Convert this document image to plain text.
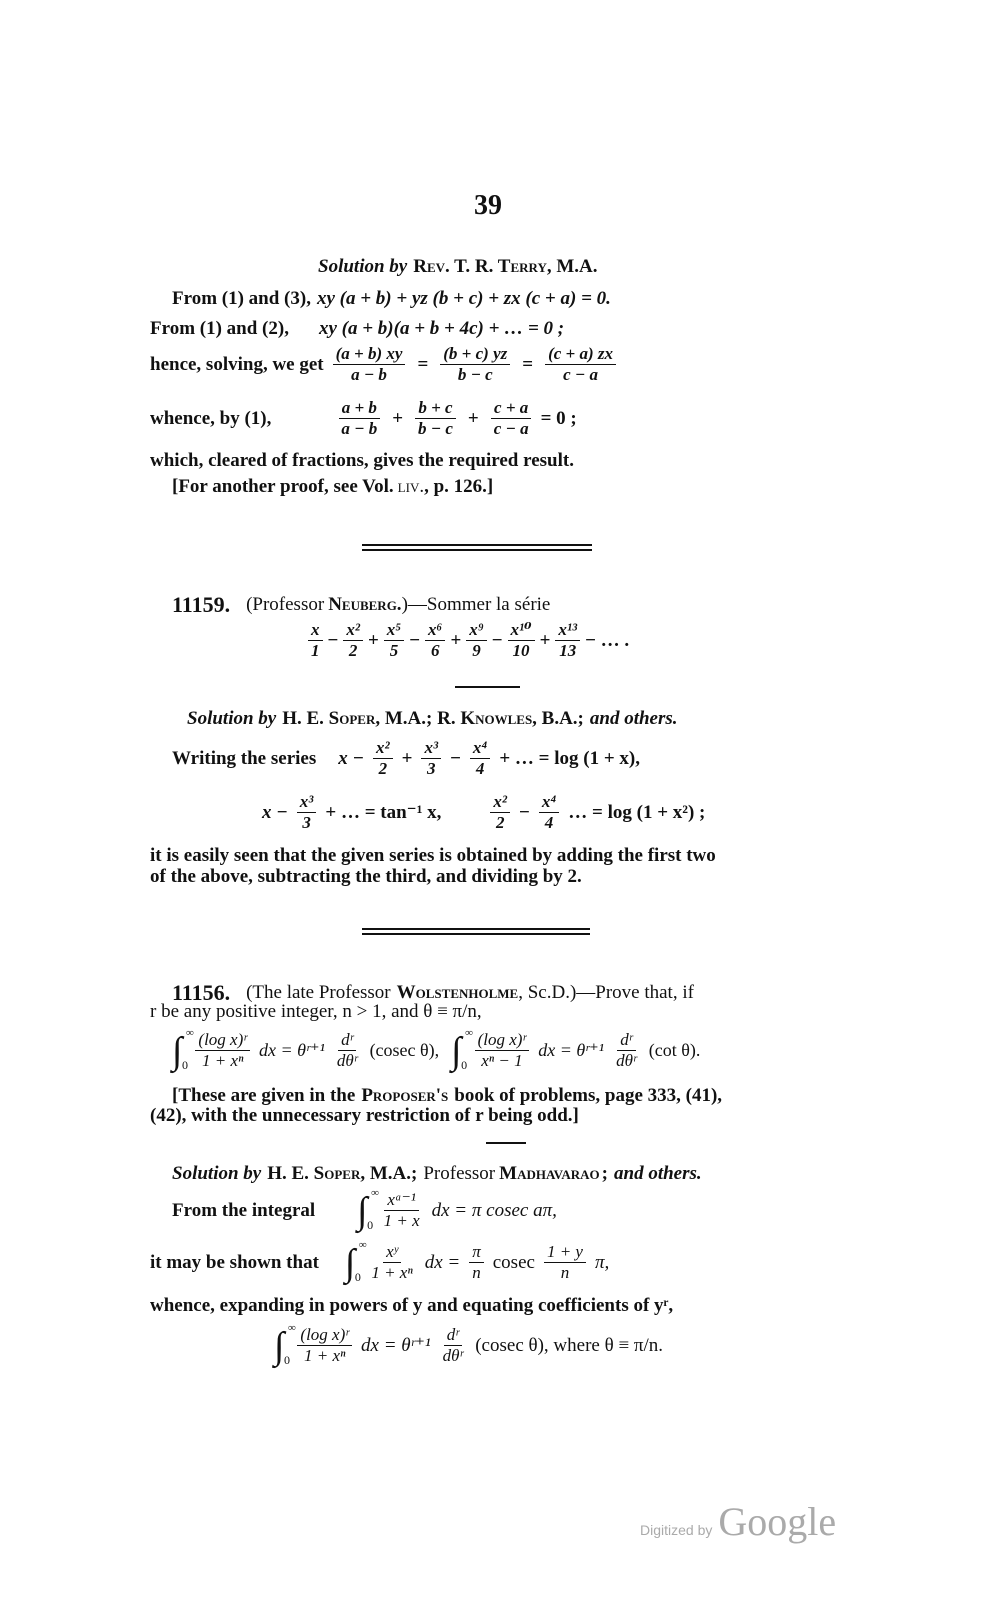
39
Solution by Rev. T. R. Terry, M.A.
From (1) and (3), xy (a + b) + yz (b + c) + zx (c + a) = 0.
From (1) and (2), xy (a + b)(a + b + 4c) + … = 0 ;
hence, solving, we get $\frac{(a + b) xy}{a - b} = \frac{(b + c) yz}{b - c} = \frac{(c + a) zx}{c - a}$
whence, by (1),	$\frac{a + b}{a - b} + \frac{b + c}{b - c} + \frac{c + a}{c - a} = 0$ ;
which, cleared of fractions, gives the required result.
[For another proof, see Vol. liv. , p. 126.]
11159. (Professor Neuberg. )—Sommer la série
$\frac{x}{1} - \frac{\text{x²}}{2} + \frac{\text{x⁵}}{5} - \frac{\text{x⁶}}{6} + \frac{\text{x⁹}}{9} - \frac{\text{x¹⁰}}{10} + \frac{\text{x¹³}}{13}$ − … .
Solution by H. E. Soper, M.A.; R. Knowles, B.A.; and others.
Writing the series $x - \frac{\text{x²}}{2} + \frac{\text{x³}}{3} - \frac{\text{x⁴}}{4}$ + … = log (1 + x),
$x - \frac{\text{x³}}{3}$ + … = tan⁻¹ x,	$\frac{\text{x²}}{2} - \frac{\text{x⁴}}{4}$ … = log (1 + x²) ;
it is easily seen that the given series is obtained by adding the first two
of the above, subtracting the third, and dividing by 2.
11156. (The late Professor Wolstenholme , Sc.D.)—Prove that, if
r be any positive integer, n > 1, and θ ≡ π/n,
∫ ∞
$0 \frac{\text{(log x)ʳ}}{\text{1 + xⁿ}}$ dx = θʳ⁺¹ $\frac{\text{dʳ}}{\text{dθʳ}} (cosec$ θ), ∫ ∞
$0 \frac{\text{(log x)ʳ}}{\text{xⁿ − 1}}$ dx = θʳ⁺¹ $\frac{\text{dʳ}}{\text{dθʳ}} (\cot$ θ).
[These are given in the Proposer's book of problems, page 333, (41),
(42), with the unnecessary restriction of r being odd.]
Solution by H. E. Soper, M.A.; Professor Madhavarao ; and others.
From the integral ∫ ∞
$0 \frac{\text{xᵃ⁻¹}}{1 + x}$ dx = π cosec aπ,
it may be shown that ∫ ∞
$0 \frac{\text{xʸ}}{\text{1 + xⁿ}}$ dx = $\frac{\pi}{n}$ cosec $\frac{1 + y}{n} \pi$,
whence, expanding in powers of y and equating coefficients of yʳ,
∫ ∞
$0 \frac{\text{(log x)ʳ}}{\text{1 + xⁿ}}$ dx = θʳ⁺¹ $\frac{\text{dʳ}}{\text{dθʳ}} (cosec$ θ), where θ ≡ π/n.
Digitized by Google
